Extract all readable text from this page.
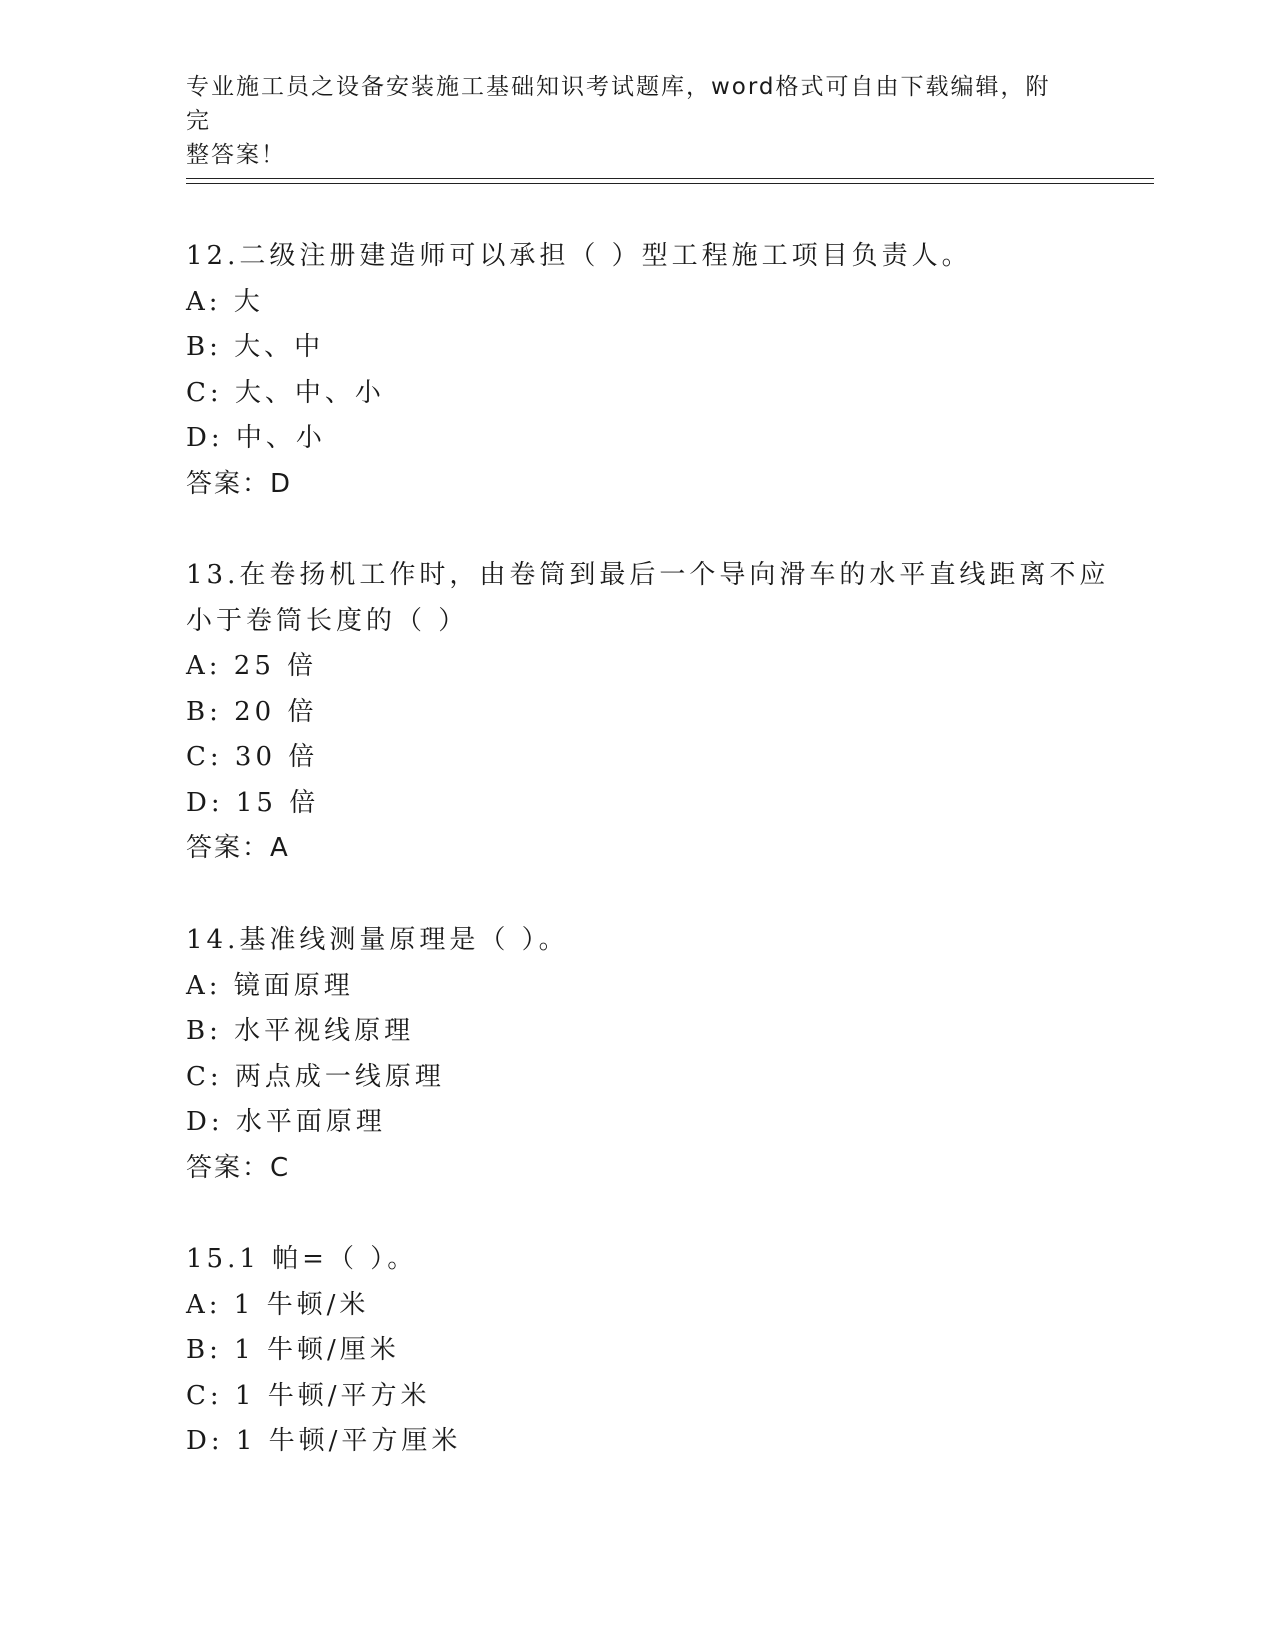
专业施工员之设备安装施工基础知识考试题库，word格式可自由下载编辑，附完
整答案！
12.二级注册建造师可以承担（ ）型工程施工项目负责人。
A: 大
B: 大、中
C: 大、中、小
D: 中、小
答案：D
13.在卷扬机工作时，由卷筒到最后一个导向滑车的水平直线距离不应
小于卷筒长度的（ ）
A: 25 倍
B: 20 倍
C: 30 倍
D: 15 倍
答案：A
14.基准线测量原理是（ ）。
A: 镜面原理
B: 水平视线原理
C: 两点成一线原理
D: 水平面原理
答案：C
15.1 帕=（ ）。
A: 1 牛顿/米
B: 1 牛顿/厘米
C: 1 牛顿/平方米
D: 1 牛顿/平方厘米
